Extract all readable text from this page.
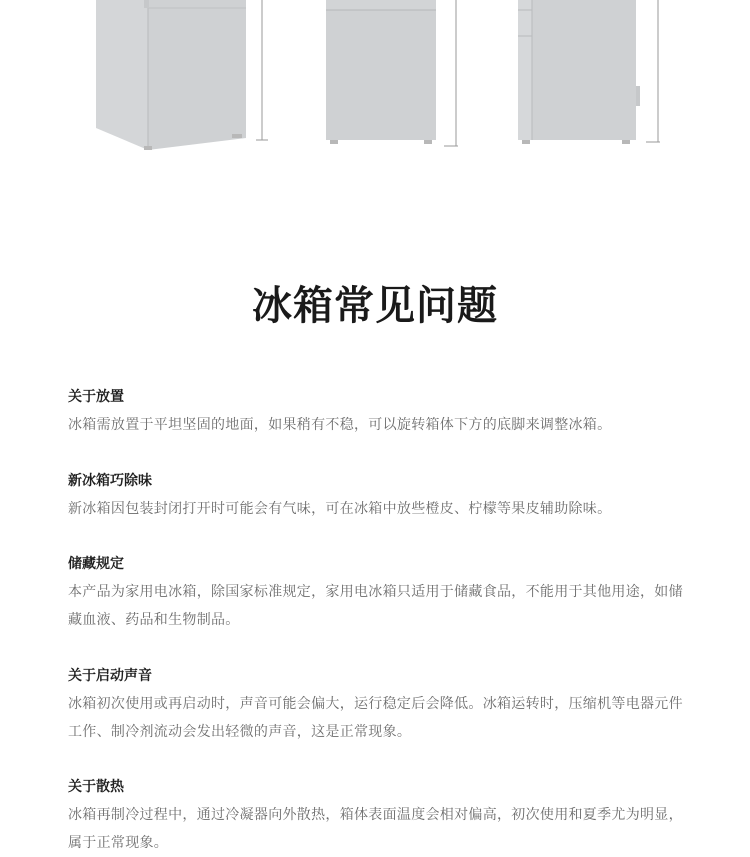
冰箱常见问题

关于放置

冰箱需放置于平坦坚固的地面，如果稍有不稳，可以旋转箱体下方的底脚来调整冰箱。

新冰箱巧除味

新冰箱因包装封闭打开时可能会有气味，可在冰箱中放些橙皮、柠檬等果皮辅助除味。

储藏规定

本产品为家用电冰箱，除国家标准规定，家用电冰箱只适用于储藏食品，不能用于其他用途，如储藏血液、药品和生物制品。

关于启动声音

冰箱初次使用或再启动时，声音可能会偏大，运行稳定后会降低。冰箱运转时，压缩机等电器元件工作、制冷剂流动会发出轻微的声音，这是正常现象。

关于散热

冰箱再制冷过程中，通过冷凝器向外散热，箱体表面温度会相对偏高，初次使用和夏季尤为明显，属于正常现象。
